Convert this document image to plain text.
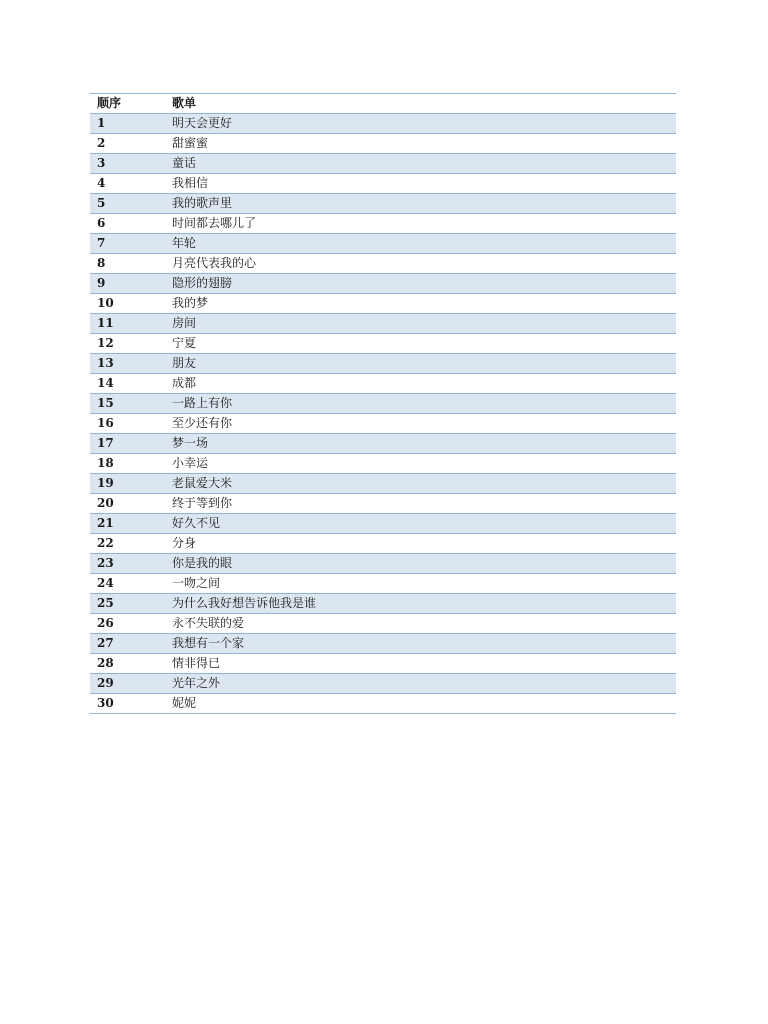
顺序	歌单
1	明天会更好
2	甜蜜蜜
3	童话
4	我相信
5	我的歌声里
6	时间都去哪儿了
7	年轮
8	月亮代表我的心
9	隐形的翅膀
10	我的梦
11	房间
12	宁夏
13	朋友
14	成都
15	一路上有你
16	至少还有你
17	梦一场
18	小幸运
19	老鼠爱大米
20	终于等到你
21	好久不见
22	分身
23	你是我的眼
24	一吻之间
25	为什么我好想告诉他我是谁
26	永不失联的爱
27	我想有一个家
28	情非得已
29	光年之外
30	妮妮
